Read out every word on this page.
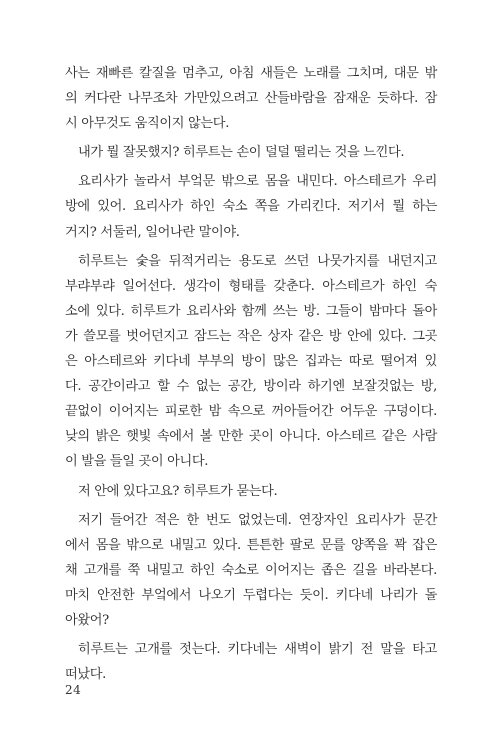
사는 재빠른 칼질을 멈추고, 아침 새들은 노래를 그치며, 대문 밖
의 커다란 나무조차 가만있으려고 산들바람을 잠재운 듯하다. 잠
시 아무것도 움직이지 않는다.

내가 뭘 잘못했지? 히루트는 손이 덜덜 떨리는 것을 느낀다.

요리사가 놀라서 부엌문 밖으로 몸을 내민다. 아스테르가 우리
방에 있어. 요리사가 하인 숙소 쪽을 가리킨다. 저기서 뭘 하는
거지? 서둘러, 일어나란 말이야.

히루트는 숯을 뒤적거리는 용도로 쓰던 나뭇가지를 내던지고
부랴부랴 일어선다. 생각이 형태를 갖춘다. 아스테르가 하인 숙
소에 있다. 히루트가 요리사와 함께 쓰는 방. 그들이 밤마다 돌아
가 쓸모를 벗어던지고 잠드는 작은 상자 같은 방 안에 있다. 그곳
은 아스테르와 키다네 부부의 방이 많은 집과는 따로 떨어져 있
다. 공간이라고 할 수 없는 공간, 방이라 하기엔 보잘것없는 방,
끝없이 이어지는 피로한 밤 속으로 꺼아들어간 어두운 구덩이다.
낮의 밝은 햇빛 속에서 볼 만한 곳이 아니다. 아스테르 같은 사람
이 발을 들일 곳이 아니다.

저 안에 있다고요? 히루트가 묻는다.

저기 들어간 적은 한 번도 없었는데. 연장자인 요리사가 문간
에서 몸을 밖으로 내밀고 있다. 튼튼한 팔로 문를 양쪽을 꽉 잡은
채 고개를 쭉 내밀고 하인 숙소로 이어지는 좁은 길을 바라본다.
마치 안전한 부엌에서 나오기 두렵다는 듯이. 키다네 나리가 돌
아왔어?

히루트는 고개를 젓는다. 키다네는 새벽이 밝기 전 말을 타고
떠났다.

24
